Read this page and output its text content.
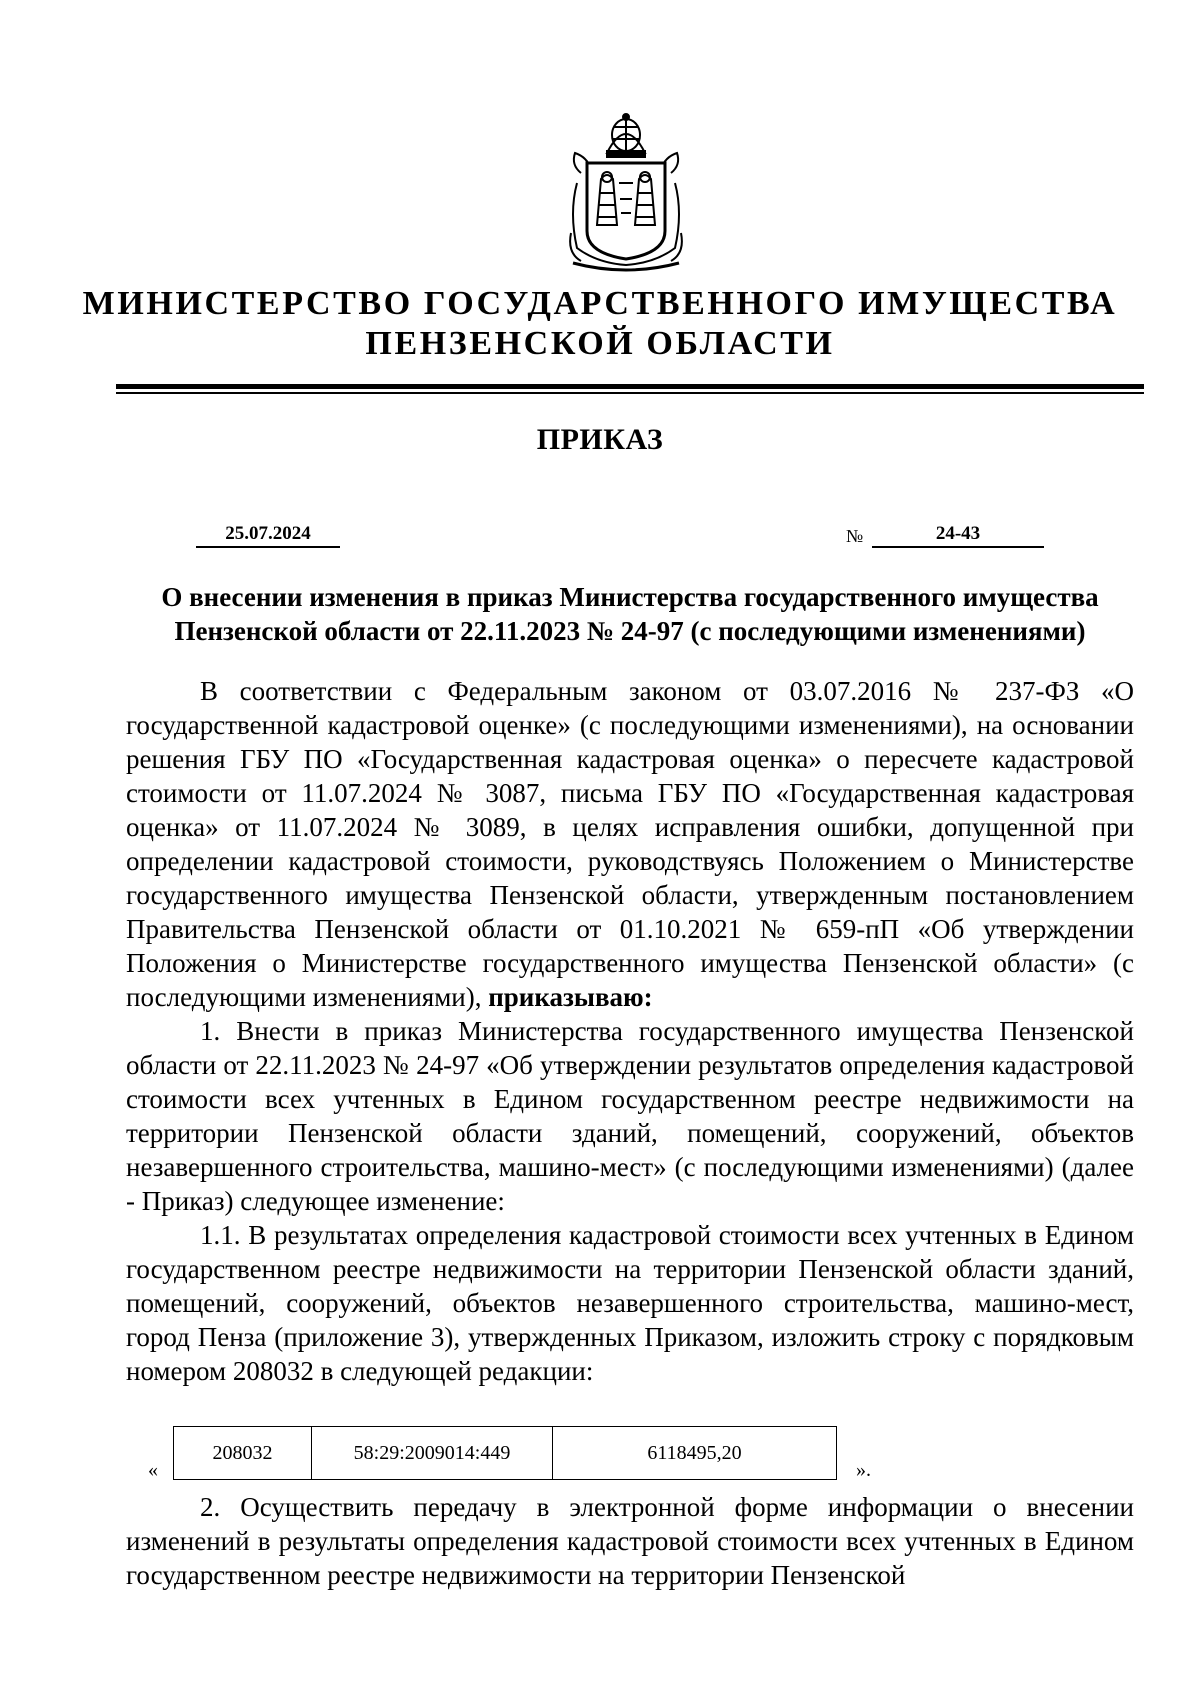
МИНИСТЕРСТВО ГОСУДАРСТВЕННОГО ИМУЩЕСТВА
ПЕНЗЕНСКОЙ ОБЛАСТИ
ПРИКАЗ
25.07.2024	№	24-43
О внесении изменения в приказ Министерства государственного имущества
Пензенской области от 22.11.2023 № 24-97 (с последующими изменениями)

В соответствии с Федеральным законом от 03.07.2016 № 237-ФЗ «О государственной кадастровой оценке» (с последующими изменениями), на основании решения ГБУ ПО «Государственная кадастровая оценка» о пересчете кадастровой стоимости от 11.07.2024 № 3087, письма ГБУ ПО «Государственная кадастровая оценка» от 11.07.2024 № 3089, в целях исправления ошибки, допущенной при определении кадастровой стоимости, руководствуясь Положением о Министерстве государственного имущества Пензенской области, утвержденным постановлением Правительства Пензенской области от 01.10.2021 № 659-пП «Об утверждении Положения о Министерстве государственного имущества Пензенской области» (с последующими изменениями), приказываю:

1. Внести в приказ Министерства государственного имущества Пензенской области от 22.11.2023 № 24-97 «Об утверждении результатов определения кадастровой стоимости всех учтенных в Едином государственном реестре недвижимости на территории Пензенской области зданий, помещений, сооружений, объектов незавершенного строительства, машино-мест» (с последующими изменениями) (далее - Приказ) следующее изменение:

1.1. В результатах определения кадастровой стоимости всех учтенных в Едином государственном реестре недвижимости на территории Пензенской области зданий, помещений, сооружений, объектов незавершенного строительства, машино-мест, город Пенза (приложение 3), утвержденных Приказом, изложить строку с порядковым номером 208032 в следующей редакции:

«
208032	58:29:2009014:449	6118495,20
».

2. Осуществить передачу в электронной форме информации о внесении изменений в результаты определения кадастровой стоимости всех учтенных в Едином государственном реестре недвижимости на территории Пензенской
